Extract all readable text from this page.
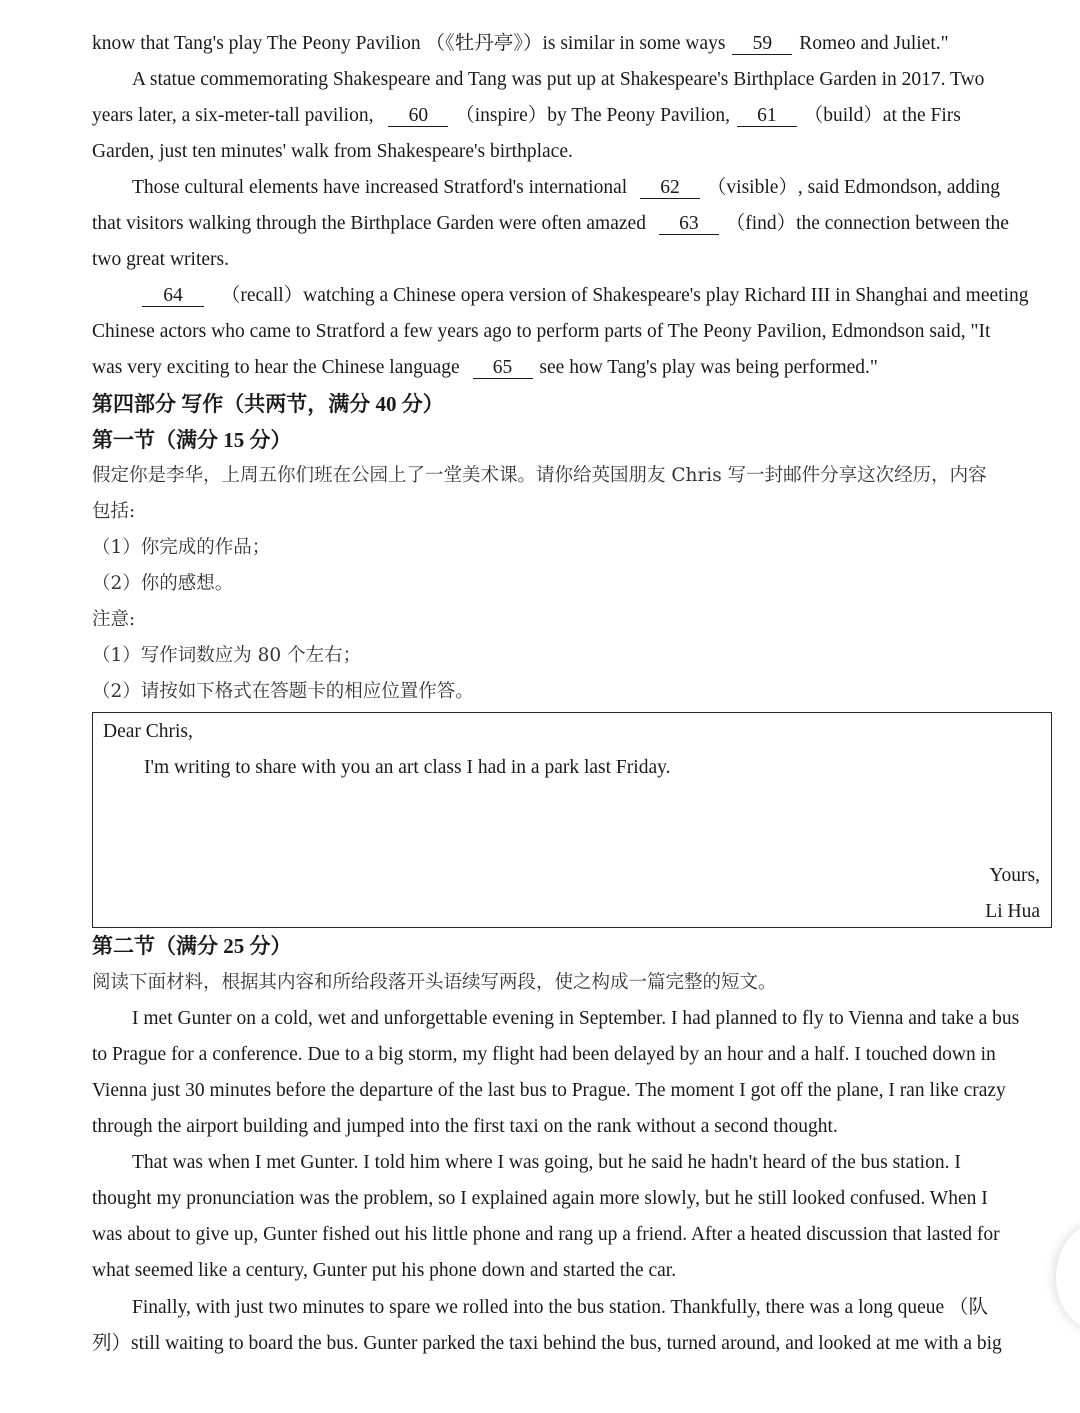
know that Tang's play The Peony Pavilion （《牡丹亭》）is similar in some ways 59 Romeo and Juliet."
A statue commemorating Shakespeare and Tang was put up at Shakespeare's Birthplace Garden in 2017. Two
years later, a six-meter-tall pavilion, 60 （inspire）by The Peony Pavilion, 61 （build）at the Firs
Garden, just ten minutes' walk from Shakespeare's birthplace.
Those cultural elements have increased Stratford's international 62 （visible）, said Edmondson, adding
that visitors walking through the Birthplace Garden were often amazed 63 （find）the connection between the
two great writers.
64 （recall）watching a Chinese opera version of Shakespeare's play Richard III in Shanghai and meeting
Chinese actors who came to Stratford a few years ago to perform parts of The Peony Pavilion, Edmondson said, "It
was very exciting to hear the Chinese language 65 see how Tang's play was being performed."
第四部分 写作（共两节，满分 40 分）
第一节（满分 15 分）
假定你是李华，上周五你们班在公园上了一堂美术课。请你给英国朋友 Chris 写一封邮件分享这次经历，内容
包括:
（1）你完成的作品；
（2）你的感想。
注意:
（1）写作词数应为 80 个左右；
（2）请按如下格式在答题卡的相应位置作答。
Dear Chris,
I'm writing to share with you an art class I had in a park last Friday.
Yours,
Li Hua
第二节（满分 25 分）
阅读下面材料，根据其内容和所给段落开头语续写两段，使之构成一篇完整的短文。
I met Gunter on a cold, wet and unforgettable evening in September. I had planned to fly to Vienna and take a bus
to Prague for a conference. Due to a big storm, my flight had been delayed by an hour and a half. I touched down in
Vienna just 30 minutes before the departure of the last bus to Prague. The moment I got off the plane, I ran like crazy
through the airport building and jumped into the first taxi on the rank without a second thought.
That was when I met Gunter. I told him where I was going, but he said he hadn't heard of the bus station. I
thought my pronunciation was the problem, so I explained again more slowly, but he still looked confused. When I
was about to give up, Gunter fished out his little phone and rang up a friend. After a heated discussion that lasted for
what seemed like a century, Gunter put his phone down and started the car.
Finally, with just two minutes to spare we rolled into the bus station. Thankfully, there was a long queue （队
列）still waiting to board the bus. Gunter parked the taxi behind the bus, turned around, and looked at me with a big
